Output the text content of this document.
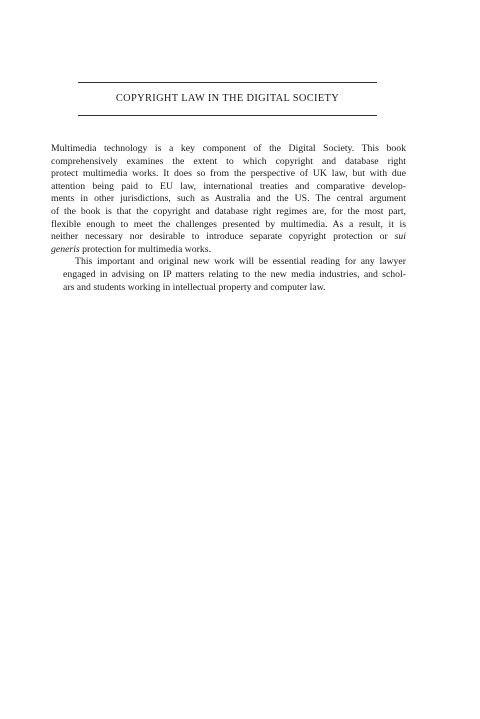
COPYRIGHT LAW IN THE DIGITAL SOCIETY

Multimedia technology is a key component of the Digital Society. This book
comprehensively examines the extent to which copyright and database right
protect multimedia works. It does so from the perspective of UK law, but with due
attention being paid to EU law, international treaties and comparative develop-
ments in other jurisdictions, such as Australia and the US. The central argument
of the book is that the copyright and database right regimes are, for the most part,
flexible enough to meet the challenges presented by multimedia. As a result, it is
neither necessary nor desirable to introduce separate copyright protection or sui
generis protection for multimedia works.

This important and original new work will be essential reading for any lawyer
engaged in advising on IP matters relating to the new media industries, and schol-
ars and students working in intellectual property and computer law.
